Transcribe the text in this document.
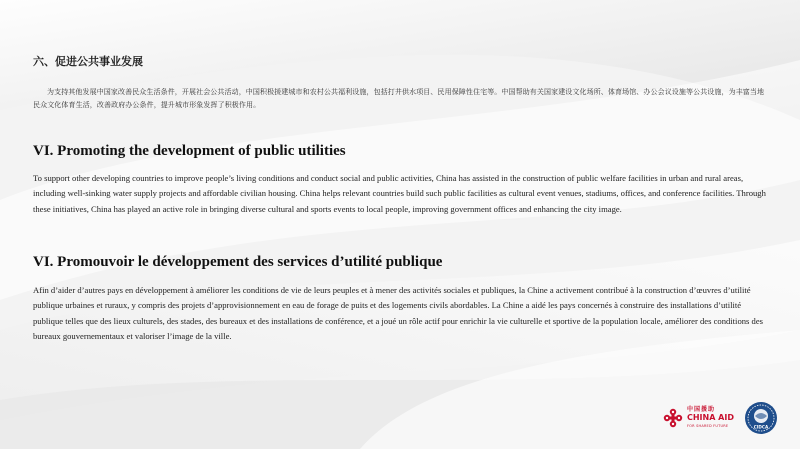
六、促进公共事业发展
为支持其他发展中国家改善民众生活条件，开展社会公共活动，中国积极援建城市和农村公共福利设施，包括打井供水项目、民用保障性住宅等。中国帮助有关国家建设文化场所、体育场馆、办公会议设施等公共设施，为丰富当地民众文化体育生活，改善政府办公条件，提升城市形象发挥了积极作用。
VI. Promoting the development of public utilities
To support other developing countries to improve people’s living conditions and conduct social and public activities, China has assisted in the construction of public welfare facilities in urban and rural areas, including well-sinking water supply projects and affordable civilian housing. China helps relevant countries build such public facilities as cultural event venues, stadiums, offices, and conference facilities. Through these initiatives, China has played an active role in bringing diverse cultural and sports events to local people, improving government offices and enhancing the city image.
VI. Promouvoir le développement des services d’utilité publique
Afin d’aider d’autres pays en développement à améliorer les conditions de vie de leurs peuples et à mener des activités sociales et publiques, la Chine a activement contribué à la construction d’œuvres d’utilité publique urbaines et ruraux, y compris des projets d’approvisionnement en eau de forage de puits et des logements civils abordables. La Chine a aidé les pays concernés à construire des installations d’utilité publique telles que des lieux culturels, des stades, des bureaux et des installations de conférence, et a joué un rôle actif pour enrichir la vie culturelle et sportive de la population locale, améliorer des conditions des bureaux gouvernementaux et valoriser l’image de la ville.
中国援助
CHINA AID
FOR SHARED FUTURE	CIDCA
